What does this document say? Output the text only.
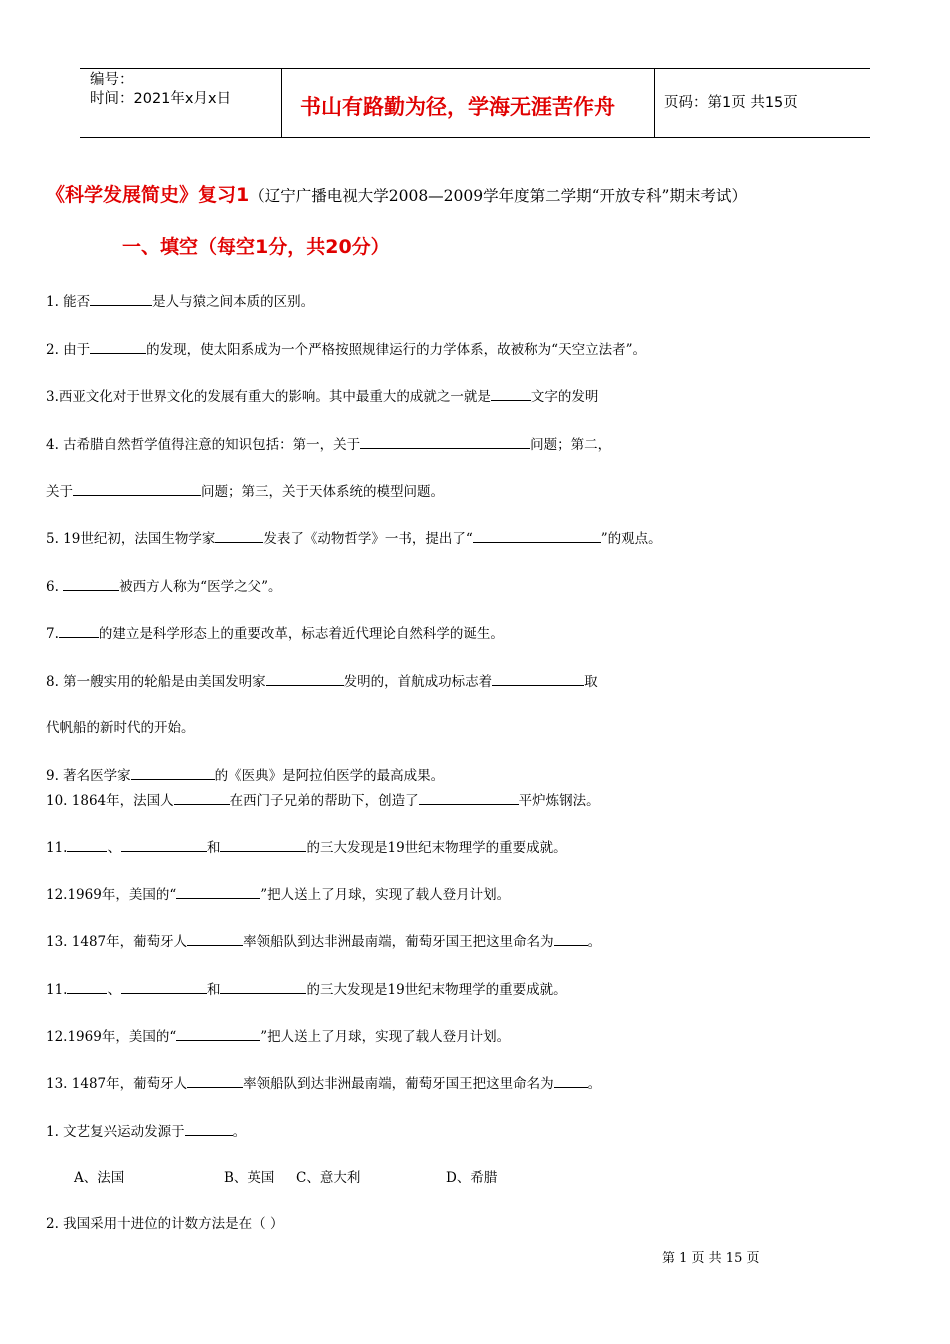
编号：
时间：2021年x月x日	书山有路勤为径，学海无涯苦作舟	页码：第1页 共15页
《科学发展简史》复习1（辽宁广播电视大学2008—2009学年度第二学期“开放专科”期末考试）
一、填空（每空1分，共20分）
1. 能否	是人与猿之间本质的区别。
2. 由于	的发现，使太阳系成为一个严格按照规律运行的力学体系，故被称为“天空立法者”。
3.西亚文化对于世界文化的发展有重大的影响。其中最重大的成就之一就是	文字的发明
4. 古希腊自然哲学值得注意的知识包括：第一，关于	问题；第二，
关于	问题；第三，关于天体系统的模型问题。
5. 19世纪初，法国生物学家	发表了《动物哲学》一书，提出了“	”的观点。
6.	被西方人称为“医学之父”。
7.	的建立是科学形态上的重要改革，标志着近代理论自然科学的诞生。
8. 第一艘实用的轮船是由美国发明家	发明的，首航成功标志着	取
代帆船的新时代的开始。
9. 著名医学家	的《医典》是阿拉伯医学的最高成果。
10. 1864年，法国人	在西门子兄弟的帮助下，创造了	平炉炼钢法。
11.	、	和	的三大发现是19世纪末物理学的重要成就。
12.1969年，美国的“	”把人送上了月球，实现了载人登月计划。
13. 1487年，葡萄牙人	率领船队到达非洲最南端，葡萄牙国王把这里命名为	。
11.	、	和	的三大发现是19世纪末物理学的重要成就。
12.1969年，美国的“	”把人送上了月球，实现了载人登月计划。
13. 1487年，葡萄牙人	率领船队到达非洲最南端，葡萄牙国王把这里命名为	。
1. 文艺复兴运动发源于	。
A、法国	B、英国 C、意大利	D、希腊
2. 我国采用十进位的计数方法是在（ ）
第 1 页 共 15 页
